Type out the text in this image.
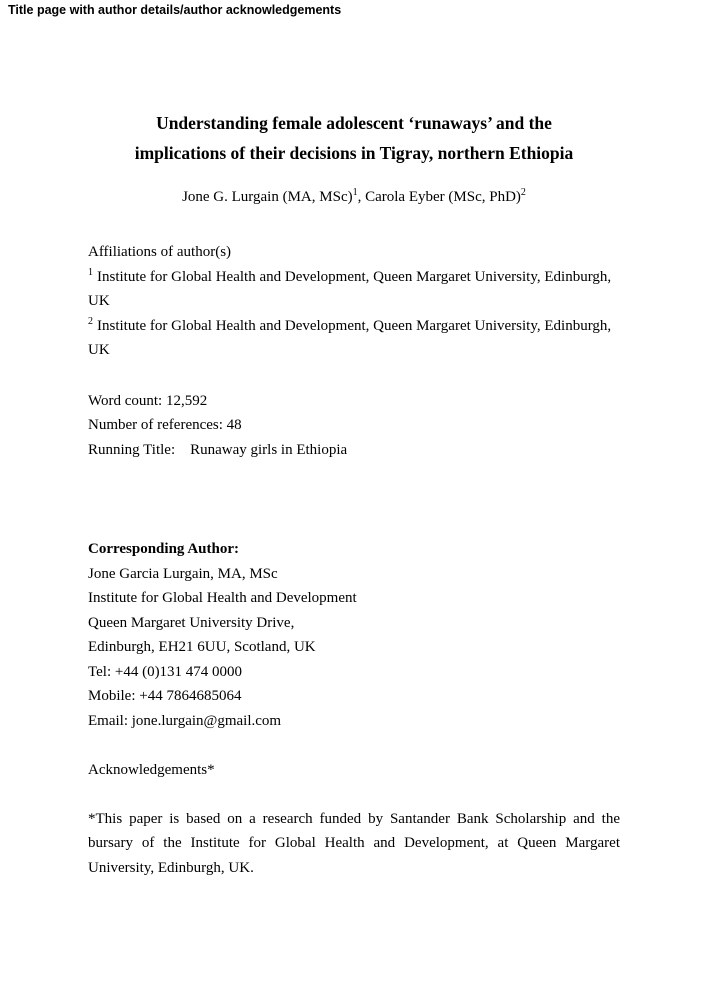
Title page with author details/author acknowledgements
Understanding female adolescent ‘runaways’ and the
implications of their decisions in Tigray, northern Ethiopia

Jone G. Lurgain (MA, MSc)$^1$, Carola Eyber (MSc, PhD)$^2$

Affiliations of author(s)

$^1$ Institute for Global Health and Development, Queen Margaret University, Edinburgh, UK

$^2$ Institute for Global Health and Development, Queen Margaret University, Edinburgh, UK

Word count: 12,592

Number of references: 48

Running Title:    Runaway girls in Ethiopia

Corresponding Author:

Jone Garcia Lurgain, MA, MSc

Institute for Global Health and Development

Queen Margaret University Drive,

Edinburgh, EH21 6UU, Scotland, UK

Tel: +44 (0)131 474 0000

Mobile: +44 7864685064

Email: jone.lurgain@gmail.com

Acknowledgements*

*This paper is based on a research funded by Santander Bank Scholarship and the bursary of the Institute for Global Health and Development, at Queen Margaret University, Edinburgh, UK.
